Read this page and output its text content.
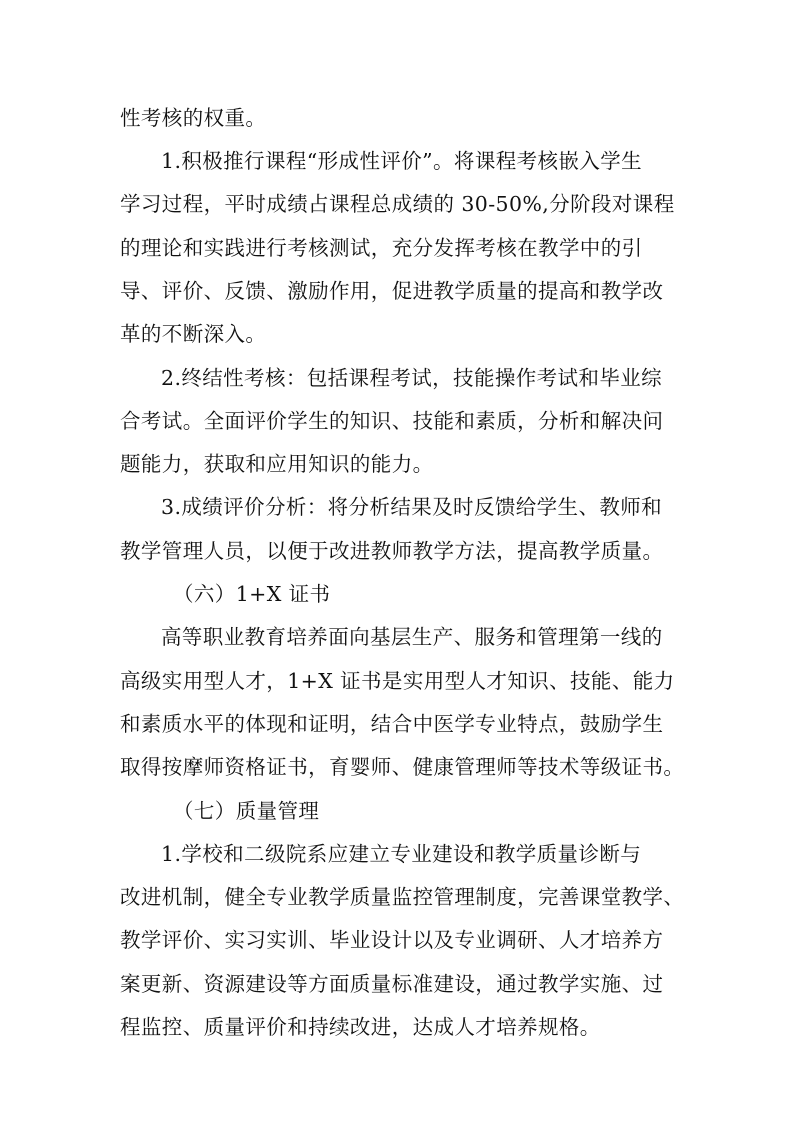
性考核的权重。
1.积极推行课程“形成性评价”。将课程考核嵌入学生
学习过程，平时成绩占课程总成绩的 30-50%,分阶段对课程
的理论和实践进行考核测试，充分发挥考核在教学中的引
导、评价、反馈、激励作用，促进教学质量的提高和教学改
革的不断深入。
2.终结性考核：包括课程考试，技能操作考试和毕业综
合考试。全面评价学生的知识、技能和素质，分析和解决问
题能力，获取和应用知识的能力。
3.成绩评价分析：将分析结果及时反馈给学生、教师和
教学管理人员，以便于改进教师教学方法，提高教学质量。
（六）1+X 证书
高等职业教育培养面向基层生产、服务和管理第一线的
高级实用型人才，1+X 证书是实用型人才知识、技能、能力
和素质水平的体现和证明，结合中医学专业特点，鼓励学生
取得按摩师资格证书，育婴师、健康管理师等技术等级证书。
（七）质量管理
1.学校和二级院系应建立专业建设和教学质量诊断与
改进机制，健全专业教学质量监控管理制度，完善课堂教学、
教学评价、实习实训、毕业设计以及专业调研、人才培养方
案更新、资源建设等方面质量标准建设，通过教学实施、过
程监控、质量评价和持续改进，达成人才培养规格。
